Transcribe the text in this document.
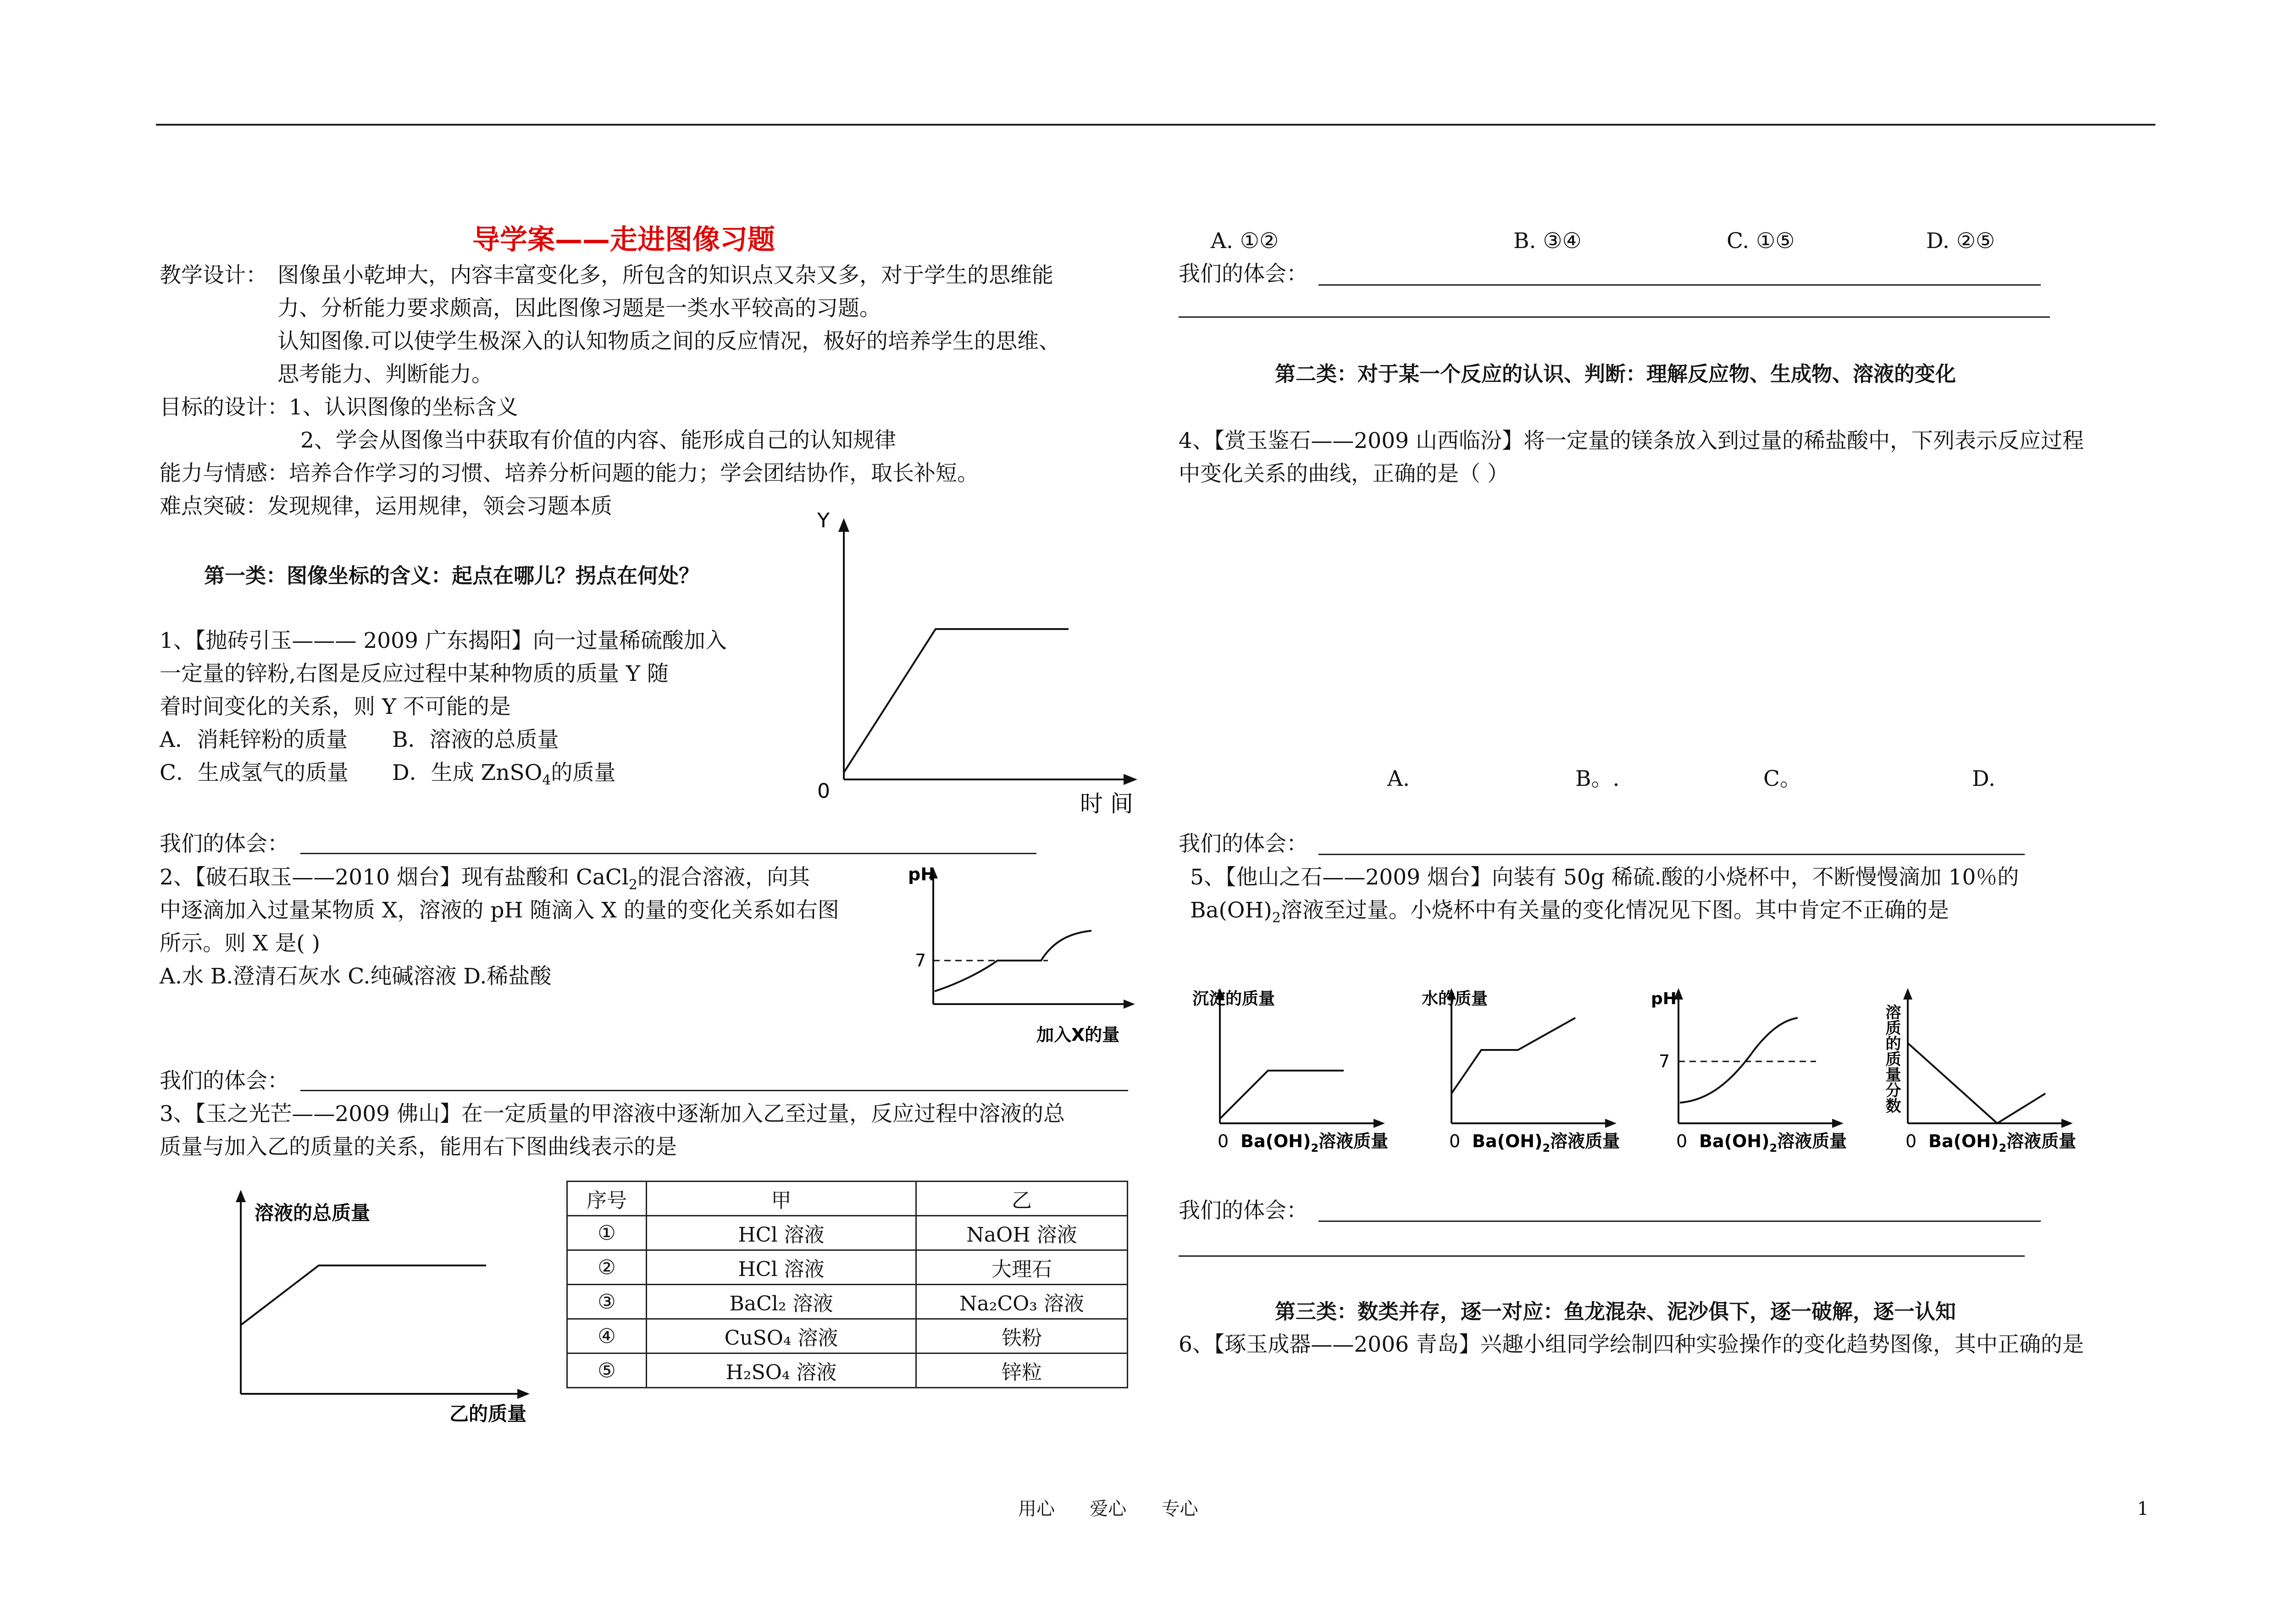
导学案——走进图像习题
教学设计： 图像虽小乾坤大，内容丰富变化多，所包含的知识点又杂又多，对于学生的思维能
力、分析能力要求颇高，因此图像习题是一类水平较高的习题。
认知图像.可以使学生极深入的认知物质之间的反应情况，极好的培养学生的思维、
思考能力、判断能力。
目标的设计：1、认识图像的坐标含义
2、学会从图像当中获取有价值的内容、能形成自己的认知规律
能力与情感：培养合作学习的习惯、培养分析问题的能力；学会团结协作，取长补短。
难点突破：发现规律，运用规律，领会习题本质
第一类：图像坐标的含义：起点在哪儿？拐点在何处？
1、【抛砖引玉——— 2009 广东揭阳】向一过量稀硫酸加入
一定量的锌粉,右图是反应过程中某种物质的质量 Y 随
着时间变化的关系，则 Y 不可能的是
A．消耗锌粉的质量 B．溶液的总质量
C．生成氢气的质量 D．生成 ZnSO$_4$的质量
Y
0	时 间
我们的体会：
2、【破石取玉——2010 烟台】现有盐酸和 CaCl$_2$的混合溶液，向其
中逐滴加入过量某物质 X，溶液的 pH 随滴入 X 的量的变化关系如右图
所示。则 X 是( )
A.水 B.澄清石灰水 C.纯碱溶液 D.稀盐酸
pH
7
加入X的量
我们的体会：
3、【玉之光芒——2009 佛山】在一定质量的甲溶液中逐渐加入乙至过量，反应过程中溶液的总
质量与加入乙的质量的关系，能用右下图曲线表示的是
溶液的总质量
乙的质量
序号	甲	乙
①	HCl 溶液	NaOH 溶液
②	HCl 溶液	大理石
③	BaCl₂ 溶液	Na₂CO₃ 溶液
④	CuSO₄ 溶液	铁粉
⑤	H₂SO₄ 溶液	锌粒
A. ①②	B. ③④	C. ①⑤	D. ②⑤
我们的体会：
第二类：对于某一个反应的认识、判断：理解反应物、生成物、溶液的变化
4、【赏玉鉴石——2009 山西临汾】将一定量的镁条放入到过量的稀盐酸中，下列表示反应过程
中变化关系的曲线，正确的是（ ）
A.	B。.	C。	D.
我们的体会：
5、【他山之石——2009 烟台】向装有 50g 稀硫.酸的小烧杯中，不断慢慢滴加 10％的
$Ba(OH)_2$溶液至过量。小烧杯中有关量的变化情况见下图。其中肯定不正确的是
沉淀的质量
0 $Ba(OH)_2$溶液质量
水的质量
0 $Ba(OH)_2$溶液质量
pH
7
0 $Ba(OH)_2$溶液质量
溶质的质量分数
0 $Ba(OH)_2$溶液质量
我们的体会：
第三类：数类并存，逐一对应：鱼龙混杂、泥沙俱下，逐一破解，逐一认知
6、【琢玉成器——2006 青岛】兴趣小组同学绘制四种实验操作的变化趋势图像，其中正确的是
用心      爱心      专心	1
